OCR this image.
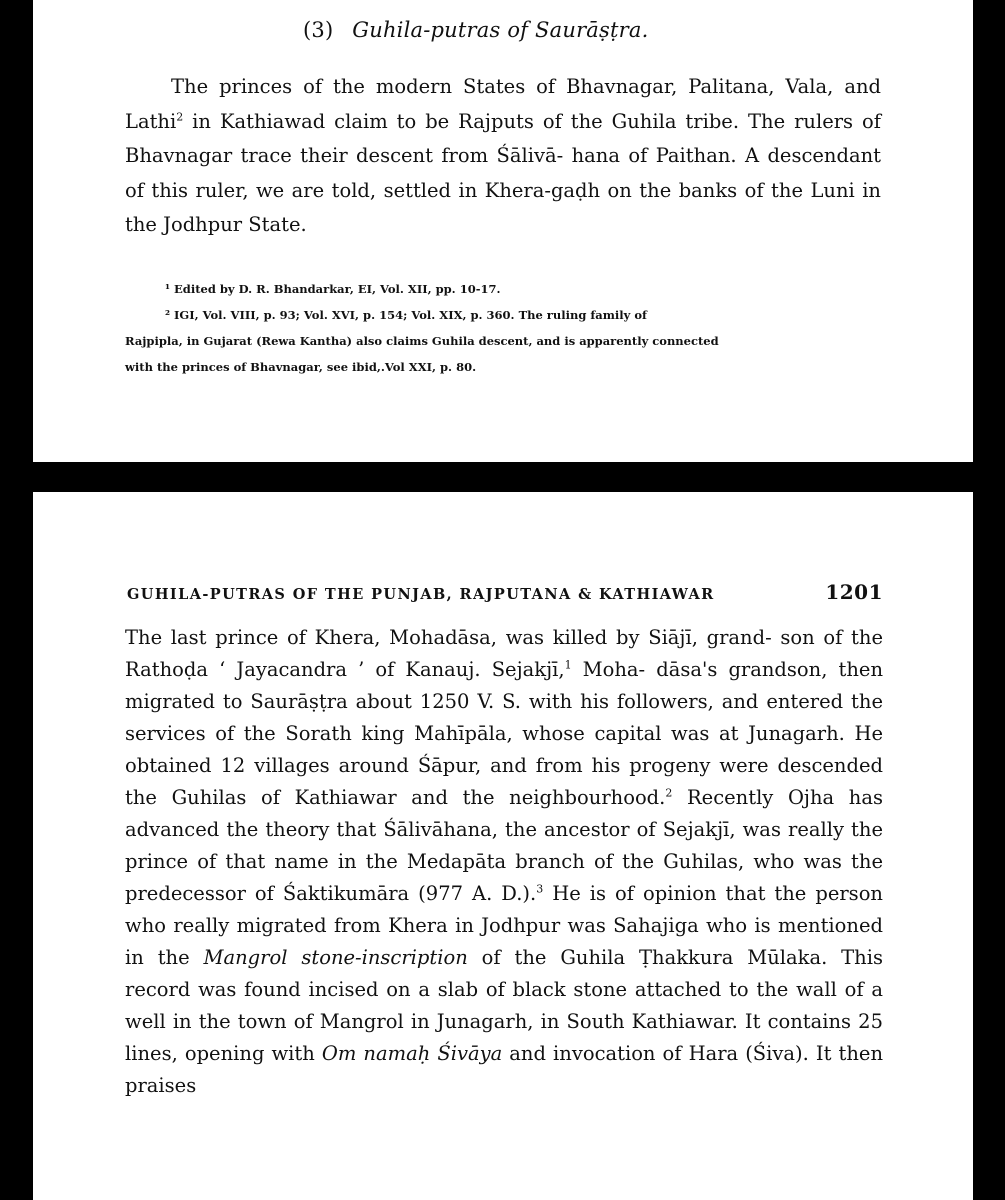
(3) Guhila-putras of Saurāṣṭra.
The princes of the modern States of Bhavnagar, Palitana, Vala, and Lathi$^2$ in Kathiawad claim to be Rajputs of the Guhila tribe. The rulers of Bhavnagar trace their descent from Śālivā- hana of Paithan. A descendant of this ruler, we are told, settled in Khera-gaḍh on the banks of the Luni in the Jodhpur State.
¹ Edited by D. R. Bhandarkar, EI, Vol. XII, pp. 10-17.
² IGI, Vol. VIII, p. 93; Vol. XVI, p. 154; Vol. XIX, p. 360. The ruling family of
Rajpipla, in Gujarat (Rewa Kantha) also claims Guhila descent, and is apparently connected
with the princes of Bhavnagar, see ibid,.Vol XXI, p. 80.
GUHILA-PUTRAS OF THE PUNJAB, RAJPUTANA & KATHIAWAR	1201
The last prince of Khera, Mohadāsa, was killed by Siājī, grand- son of the Rathoḍa ‘ Jayacandra ’ of Kanauj. Sejakjī,$^1$ Moha- dāsa's grandson, then migrated to Saurāṣṭra about 1250 V. S. with his followers, and entered the services of the Sorath king Mahīpāla, whose capital was at Junagarh. He obtained 12 villages around Śāpur, and from his progeny were descended the Guhilas of Kathiawar and the neighbourhood.$^2$ Recently Ojha has advanced the theory that Śālivāhana, the ancestor of Sejakjī, was really the prince of that name in the Medapāta branch of the Guhilas, who was the predecessor of Śaktikumāra (977 A. D.).$^3$ He is of opinion that the person who really migrated from Khera in Jodhpur was Sahajiga who is mentioned in the Mangrol stone-inscription of the Guhila Ṭhakkura Mūlaka. This record was found incised on a slab of black stone attached to the wall of a well in the town of Mangrol in Junagarh, in South Kathiawar. It contains 25 lines, opening with Om namaḥ Śivāya and invocation of Hara (Śiva). It then praises
